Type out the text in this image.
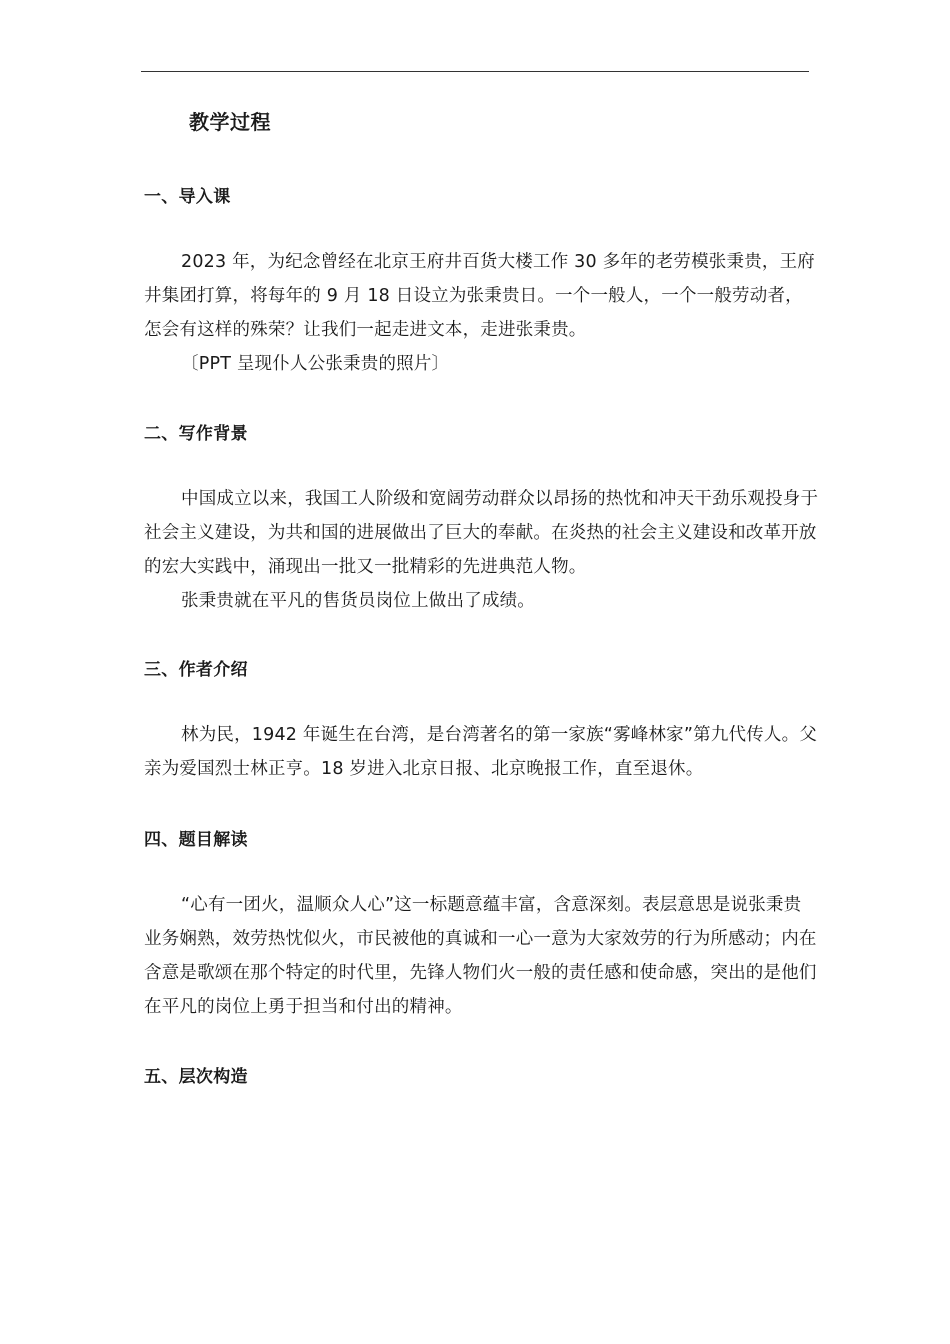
教学过程
一、导入课

2023 年，为纪念曾经在北京王府井百货大楼工作 30 多年的老劳模张秉贵，王府井集团打算，将每年的 9 月 18 日设立为张秉贵日。一个一般人，一个一般劳动者，怎会有这样的殊荣？让我们一起走进文本，走进张秉贵。

〔PPT 呈现仆人公张秉贵的照片〕

二、写作背景

中国成立以来，我国工人阶级和宽阔劳动群众以昂扬的热忱和冲天干劲乐观投身于社会主义建设，为共和国的进展做出了巨大的奉献。在炎热的社会主义建设和改革开放的宏大实践中，涌现出一批又一批精彩的先进典范人物。

张秉贵就在平凡的售货员岗位上做出了成绩。

三、作者介绍

林为民，1942 年诞生在台湾，是台湾著名的第一家族“雾峰林家”第九代传人。父亲为爱国烈士林正亨。18 岁进入北京日报、北京晚报工作，直至退休。

四、题目解读

“心有一团火，温顺众人心”这一标题意蕴丰富，含意深刻。表层意思是说张秉贵业务娴熟，效劳热忱似火，市民被他的真诚和一心一意为大家效劳的行为所感动；内在含意是歌颂在那个特定的时代里，先锋人物们火一般的责任感和使命感，突出的是他们在平凡的岗位上勇于担当和付出的精神。

五、层次构造
